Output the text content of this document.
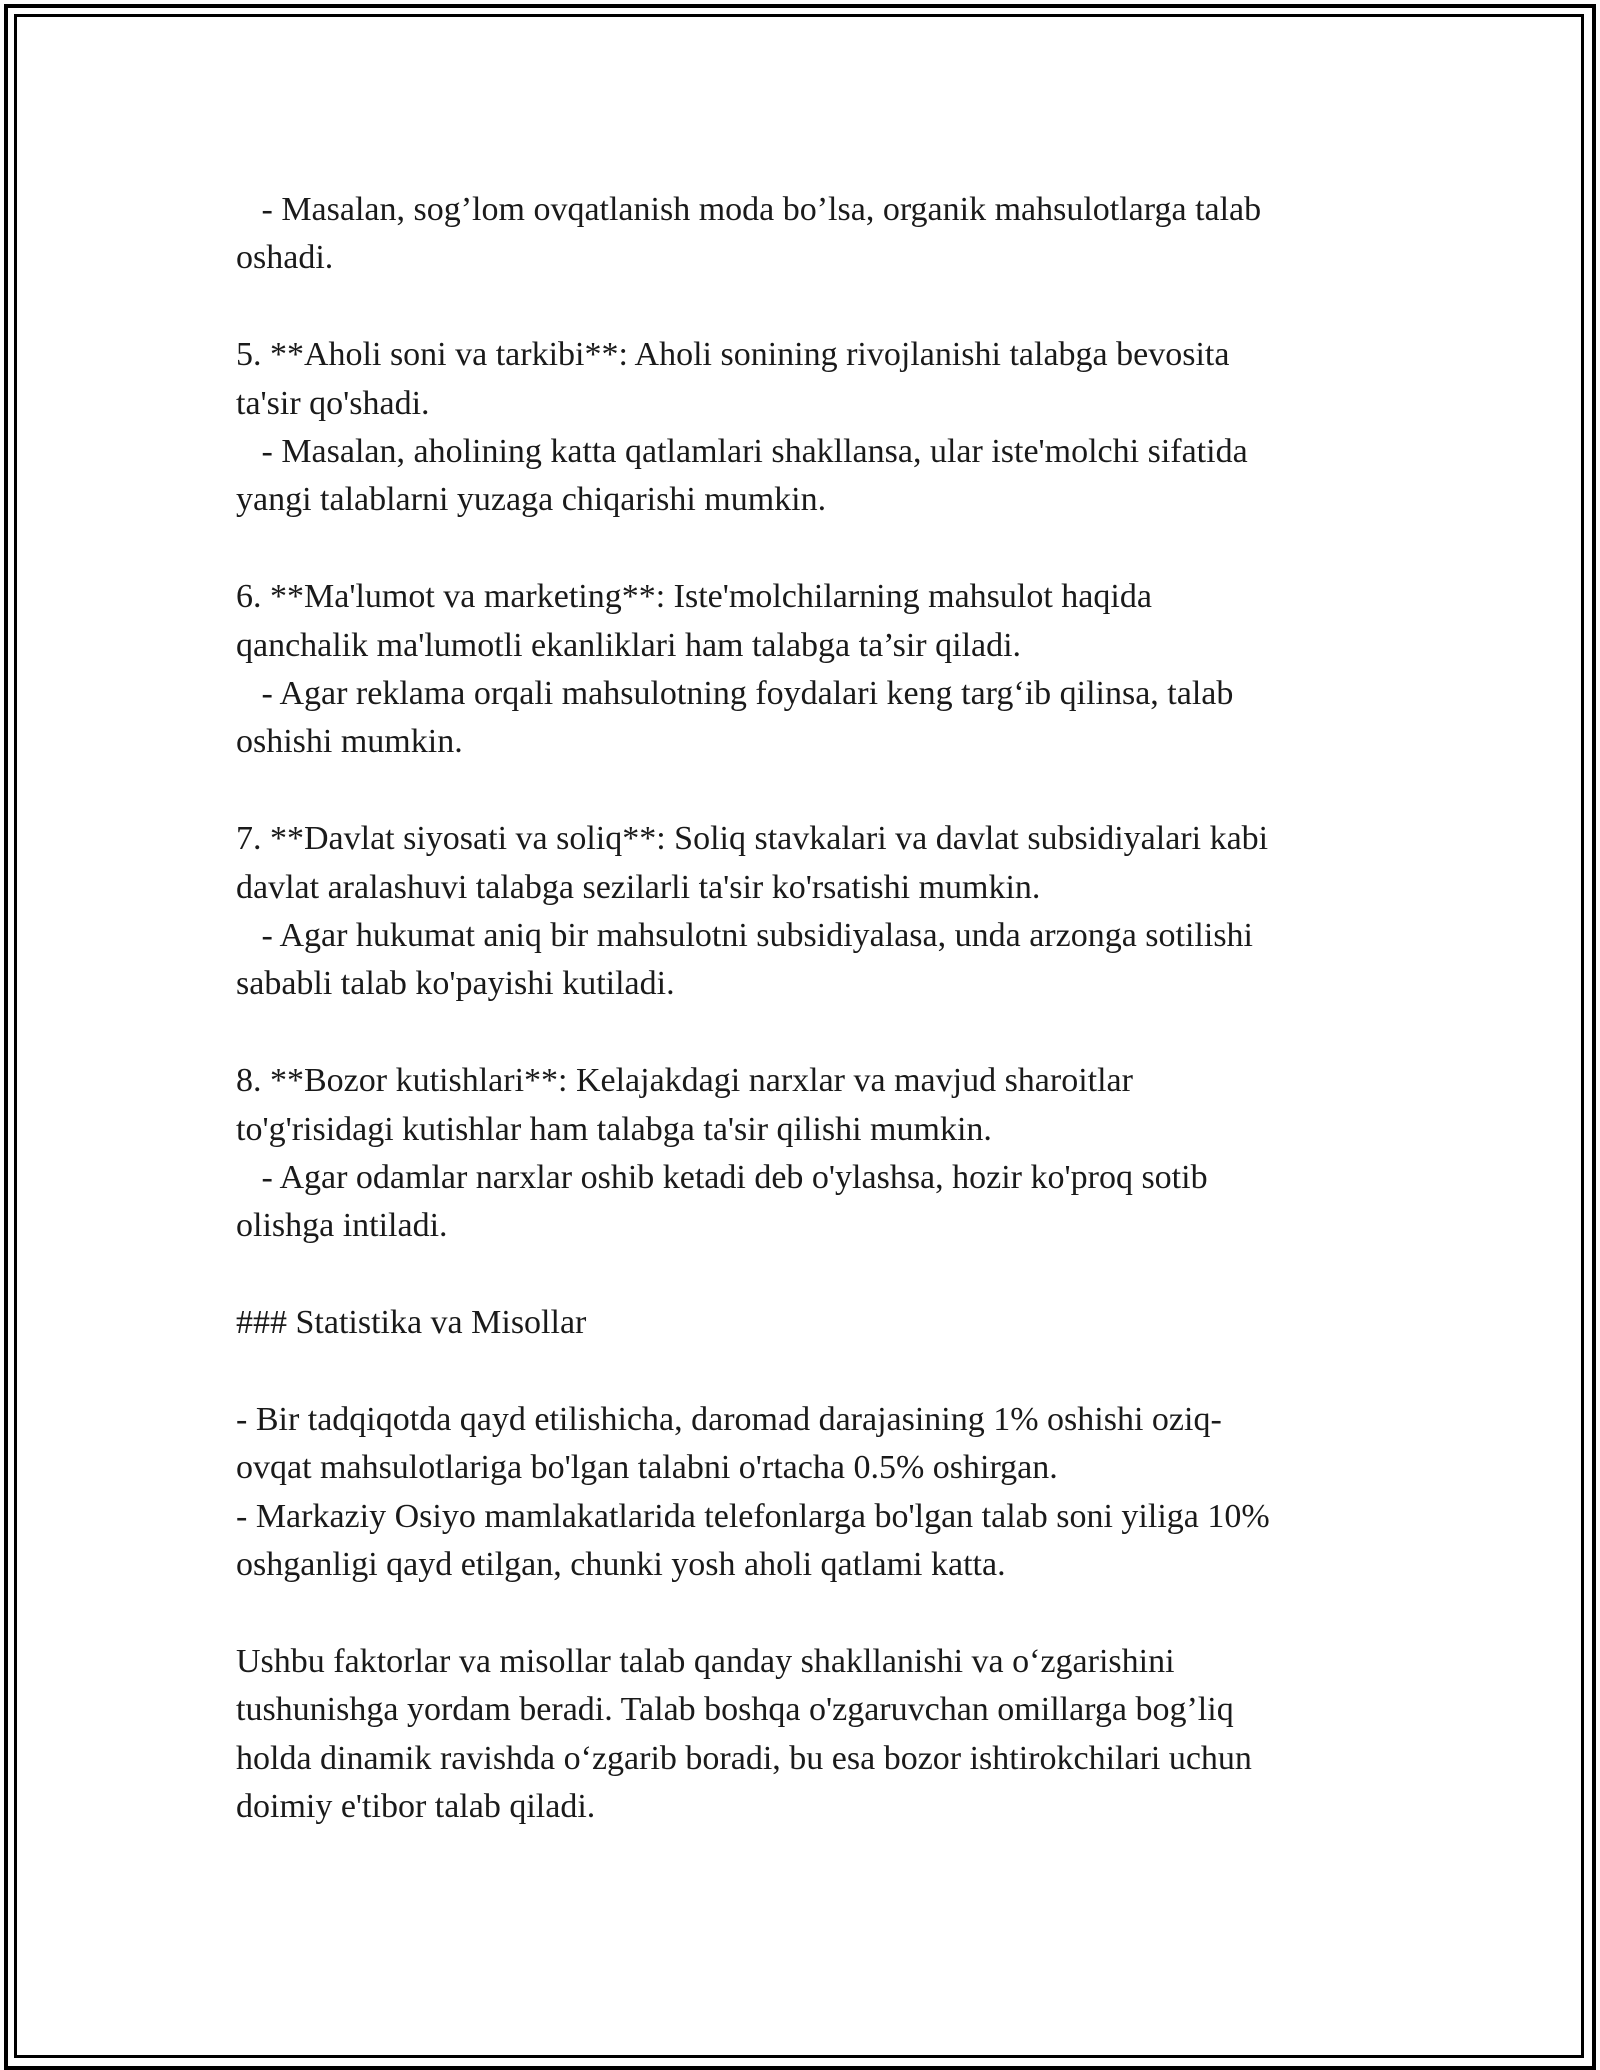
- Masalan, sog’lom ovqatlanish moda bo’lsa, organik mahsulotlarga talab

oshadi.

5. **Aholi soni va tarkibi**: Aholi sonining rivojlanishi talabga bevosita

ta'sir qo'shadi.

- Masalan, aholining katta qatlamlari shakllansa, ular iste'molchi sifatida

yangi talablarni yuzaga chiqarishi mumkin.

6. **Ma'lumot va marketing**: Iste'molchilarning mahsulot haqida

qanchalik ma'lumotli ekanliklari ham talabga ta’sir qiladi.

- Agar reklama orqali mahsulotning foydalari keng targ‘ib qilinsa, talab

oshishi mumkin.

7. **Davlat siyosati va soliq**: Soliq stavkalari va davlat subsidiyalari kabi

davlat aralashuvi talabga sezilarli ta'sir ko'rsatishi mumkin.

- Agar hukumat aniq bir mahsulotni subsidiyalasa, unda arzonga sotilishi

sababli talab ko'payishi kutiladi.

8. **Bozor kutishlari**: Kelajakdagi narxlar va mavjud sharoitlar

to'g'risidagi kutishlar ham talabga ta'sir qilishi mumkin.

- Agar odamlar narxlar oshib ketadi deb o'ylashsa, hozir ko'proq sotib

olishga intiladi.

### Statistika va Misollar

- Bir tadqiqotda qayd etilishicha, daromad darajasining 1% oshishi oziq-

ovqat mahsulotlariga bo'lgan talabni o'rtacha 0.5% oshirgan.

- Markaziy Osiyo mamlakatlarida telefonlarga bo'lgan talab soni yiliga 10%

oshganligi qayd etilgan, chunki yosh aholi qatlami katta.

Ushbu faktorlar va misollar talab qanday shakllanishi va o‘zgarishini

tushunishga yordam beradi. Talab boshqa o'zgaruvchan omillarga bog’liq

holda dinamik ravishda o‘zgarib boradi, bu esa bozor ishtirokchilari uchun

doimiy e'tibor talab qiladi.
